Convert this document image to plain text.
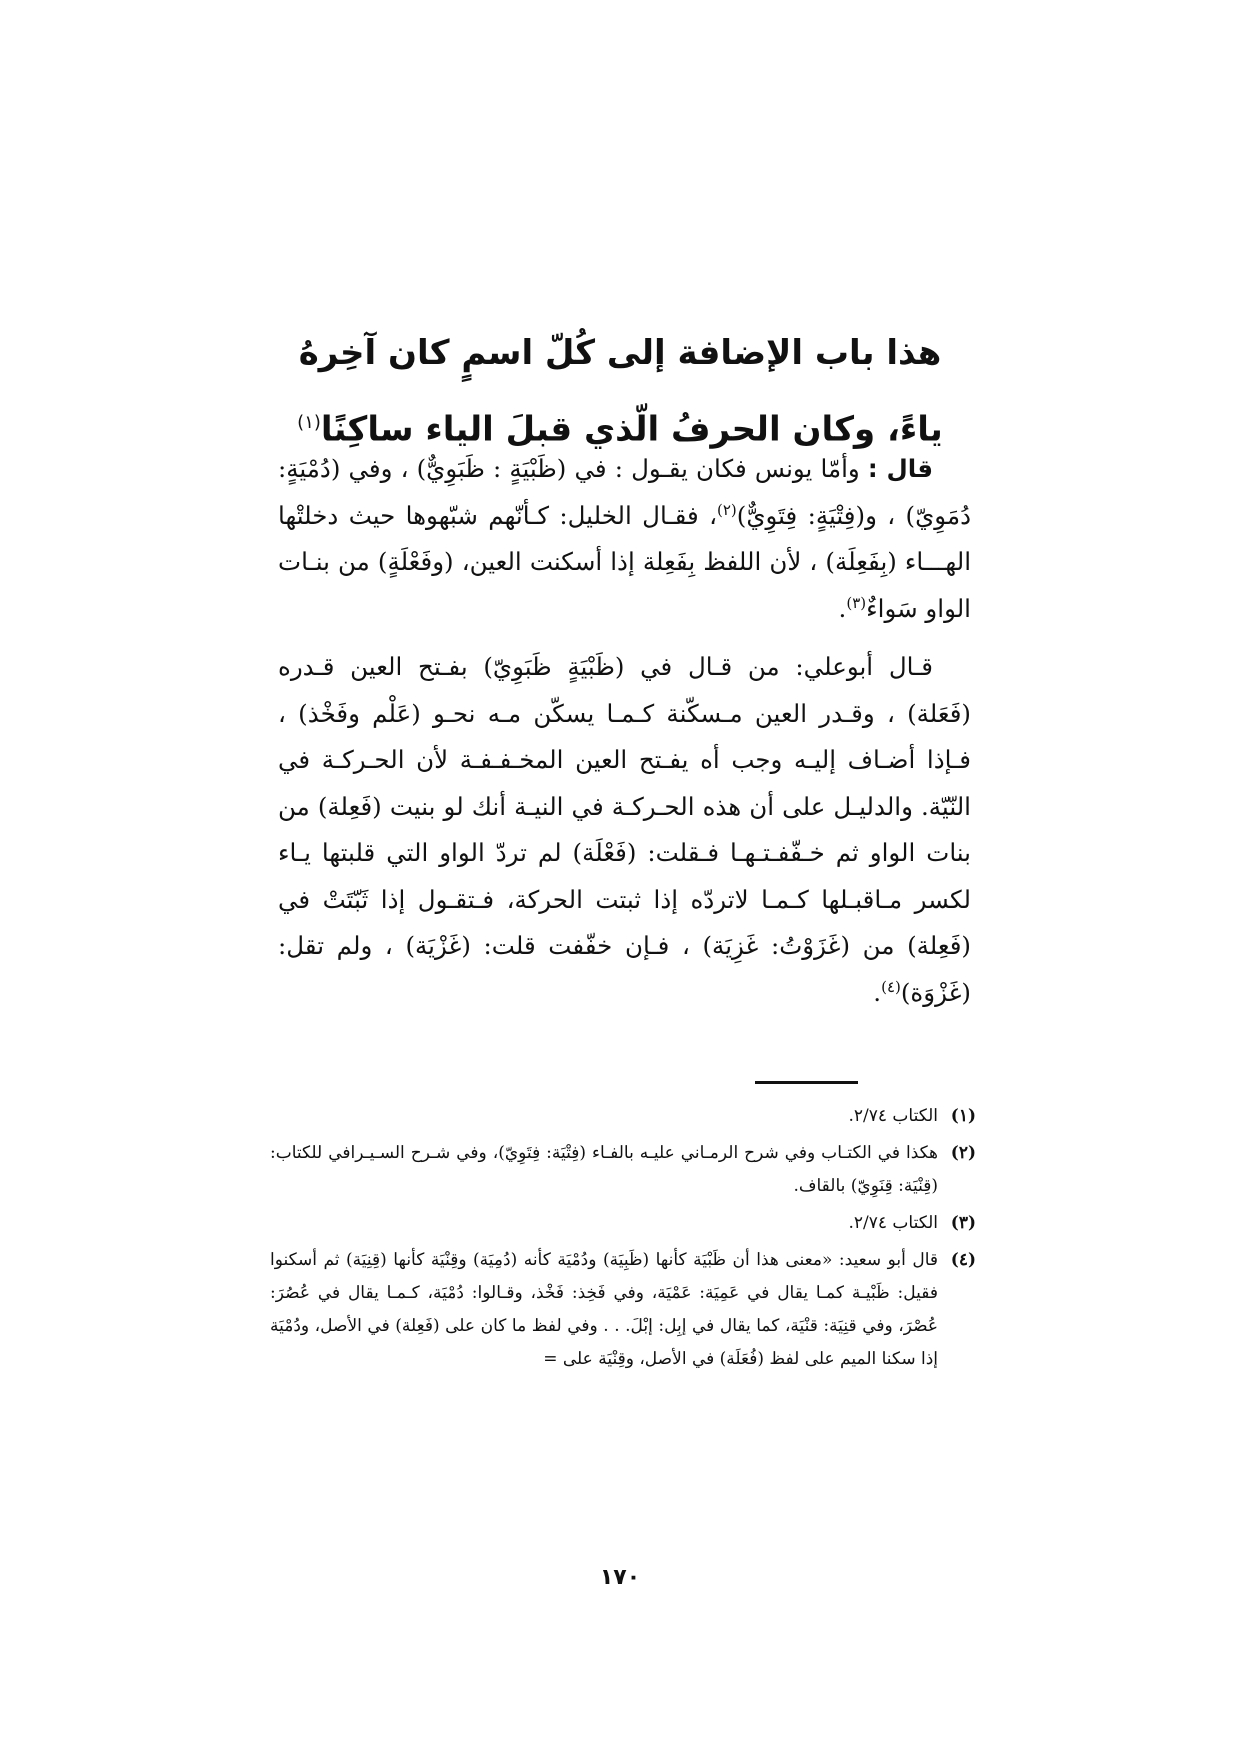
هذا باب الإضافة إلى كُلّ اسمٍ كان آخِرهُ
ياءً، وكان الحرفُ الّذي قبلَ الياء ساكِنًا$^{(١)}$

قال : وأمّا يونس فكان يقـول : في (ظَبْيَةٍ : ظَبَوِيٌّ) ، وفي (دُمْيَةٍ: دُمَوِيّ) ، و(فِتْيَةٍ: فِتَوِيٌّ)$^{(٢)}$، فقـال الخليل: كـأنّهم شبّهوها حيث دخلتْها الهـــاء (بِفَعِلَة) ، لأن اللفظ بِفَعِلة إذا أسكنت العين، (وفَعْلَةٍ) من بنـات الواو سَواءٌ$^{(٣)}$.

قـال أبوعلي: من قـال في (ظَبْيَةٍ ظَبَوِيّ) بفـتح العين قـدره (فَعَلة) ، وقـدر العين مـسكّنة كـمـا يسكّن مـه نحـو (عَلْم وفَخْذ) ، فـإذا أضـاف إليـه وجب أه يفـتح العين المخـفـفـة لأن الحـركـة في النّيّة. والدليـل على أن هذه الحـركـة في النيـة أنك لو بنيت (فَعِلة) من بنات الواو ثم خـفّفـتـهـا فـقلت: (فَعْلَة) لم تردّ الواو التي قلبتها يـاء لكسر مـاقبـلها كـمـا لاتردّه إذا ثبتت الحركة، فـتقـول إذا ثَبّتَتْ في (فَعِلة) من (غَزَوْتُ: غَزِيَة) ، فـإن خفّفت قلت: (غَزْيَة) ، ولم تقل: (غَزْوَة)$^{(٤)}$.

(١)
الكتاب ٢/٧٤.
(٢)
هكذا في الكتـاب وفي شرح الرمـاني عليـه بالفـاء (فِتْيَة: فِتَوِيّ)، وفي شـرح السـيـرافي للكتاب: (قِنْيَة: قِنَوِيّ) بالقاف.
(٣)
الكتاب ٢/٧٤.
(٤)
قال أبو سعيد: «معنى هذا أن ظَبْيَة كأنها (ظَبِيَة) ودُمْيَة كأنه (دُمِيَة) وقِنْيَة كأنها (قِنِيَة) ثم أسكنوا فقيل: ظَبْيـة كمـا يقال في عَمِيَة: عَمْيَة، وفي فَخِذ: فَخْذ، وقـالوا: دُمْيَة، كـمـا يقال في عُصُرَ: عُصْرَ، وفي قنِيَة: قنْيَة، كما يقال في إبِل: إبْلَ. . . وفي لفظ ما كان على (فَعِلة) في الأصل، ودُمْيَة إذا سكنا الميم على لفظ (فُعَلَة) في الأصل، وقِنْيَة على =
١٧٠
